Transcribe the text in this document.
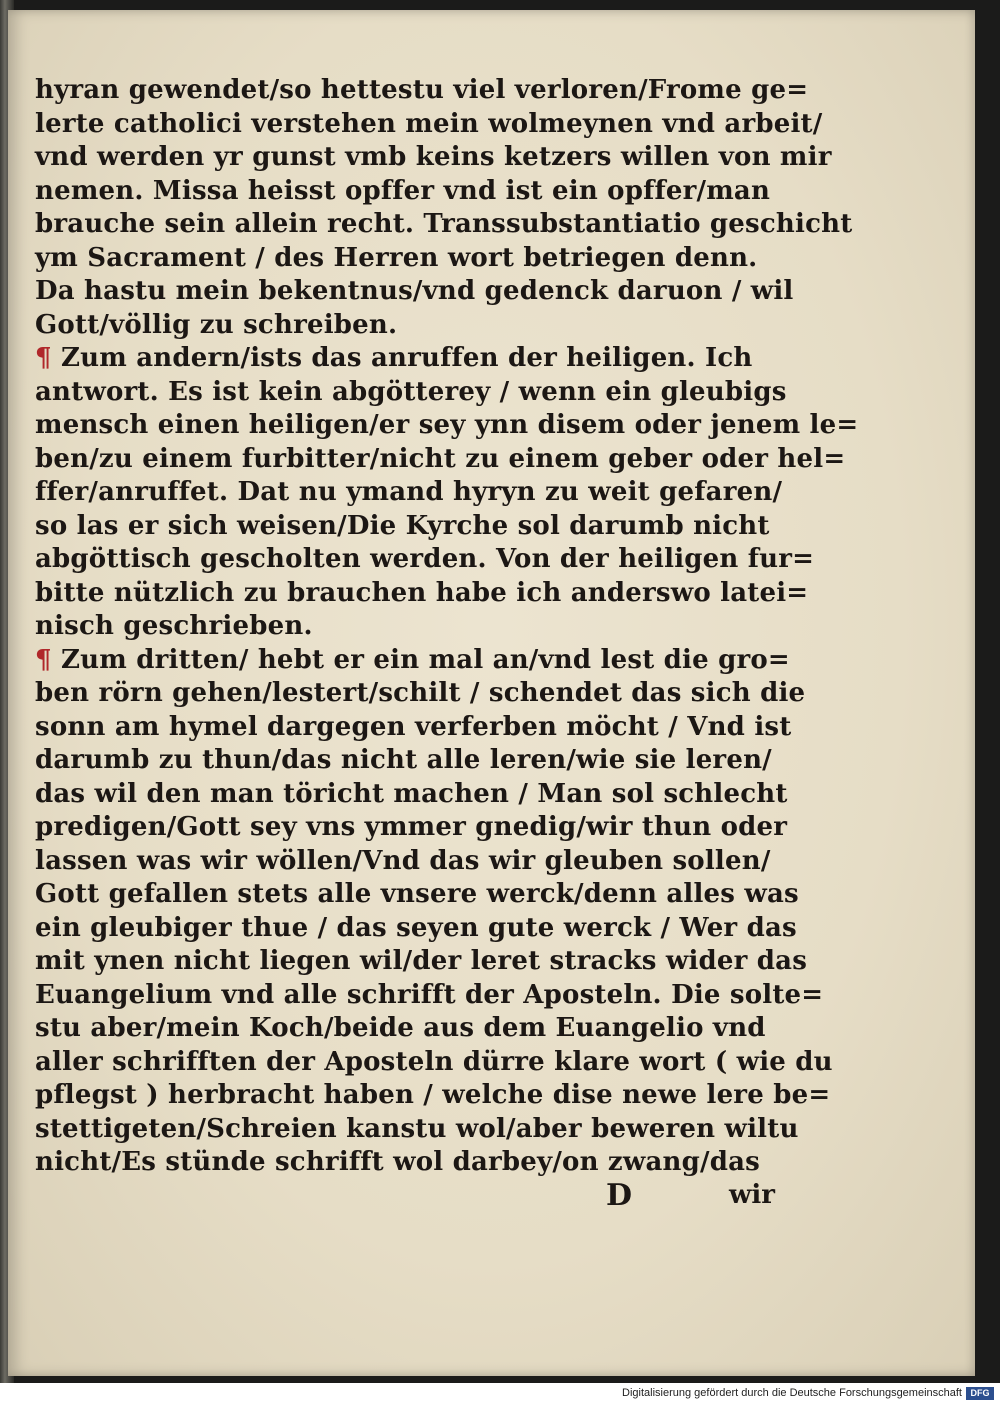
hyran gewendet/so hettestu viel verloren/Frome ge=
lerte catholici verstehen mein wolmeynen vnd arbeit/
vnd werden yr gunst vmb keins ketzers willen von mir
nemen. Missa heisst opffer vnd ist ein opffer/man
brauche sein allein recht. Transsubstantiatio geschicht
ym Sacrament / des Herren wort betriegen denn.
Da hastu mein bekentnus/vnd gedenck daruon / wil
Gott/völlig zu schreiben.
¶ Zum andern/ists das anruffen der heiligen. Ich
antwort. Es ist kein abgötterey / wenn ein gleubigs
mensch einen heiligen/er sey ynn disem oder jenem le=
ben/zu einem furbitter/nicht zu einem geber oder hel=
ffer/anruffet. Dat nu ymand hyryn zu weit gefaren/
so las er sich weisen/Die Kyrche sol darumb nicht
abgöttisch gescholten werden. Von der heiligen fur=
bitte nützlich zu brauchen habe ich anderswo latei=
nisch geschrieben.
¶ Zum dritten/ hebt er ein mal an/vnd lest die gro=
ben rörn gehen/lestert/schilt / schendet das sich die
sonn am hymel dargegen verferben möcht / Vnd ist
darumb zu thun/das nicht alle leren/wie sie leren/
das wil den man töricht machen / Man sol schlecht
predigen/Gott sey vns ymmer gnedig/wir thun oder
lassen was wir wöllen/Vnd das wir gleuben sollen/
Gott gefallen stets alle vnsere werck/denn alles was
ein gleubiger thue / das seyen gute werck / Wer das
mit ynen nicht liegen wil/der leret stracks wider das
Euangelium vnd alle schrifft der Aposteln. Die solte=
stu aber/mein Koch/beide aus dem Euangelio vnd
aller schrifften der Aposteln dürre klare wort ( wie du
pflegst ) herbracht haben / welche dise newe lere be=
stettigeten/Schreien kanstu wol/aber beweren wiltu
nicht/Es stünde schrifft wol darbey/on zwang/das
D	wir
Digitalisierung gefördert durch die Deutsche Forschungsgemeinschaft DFG
